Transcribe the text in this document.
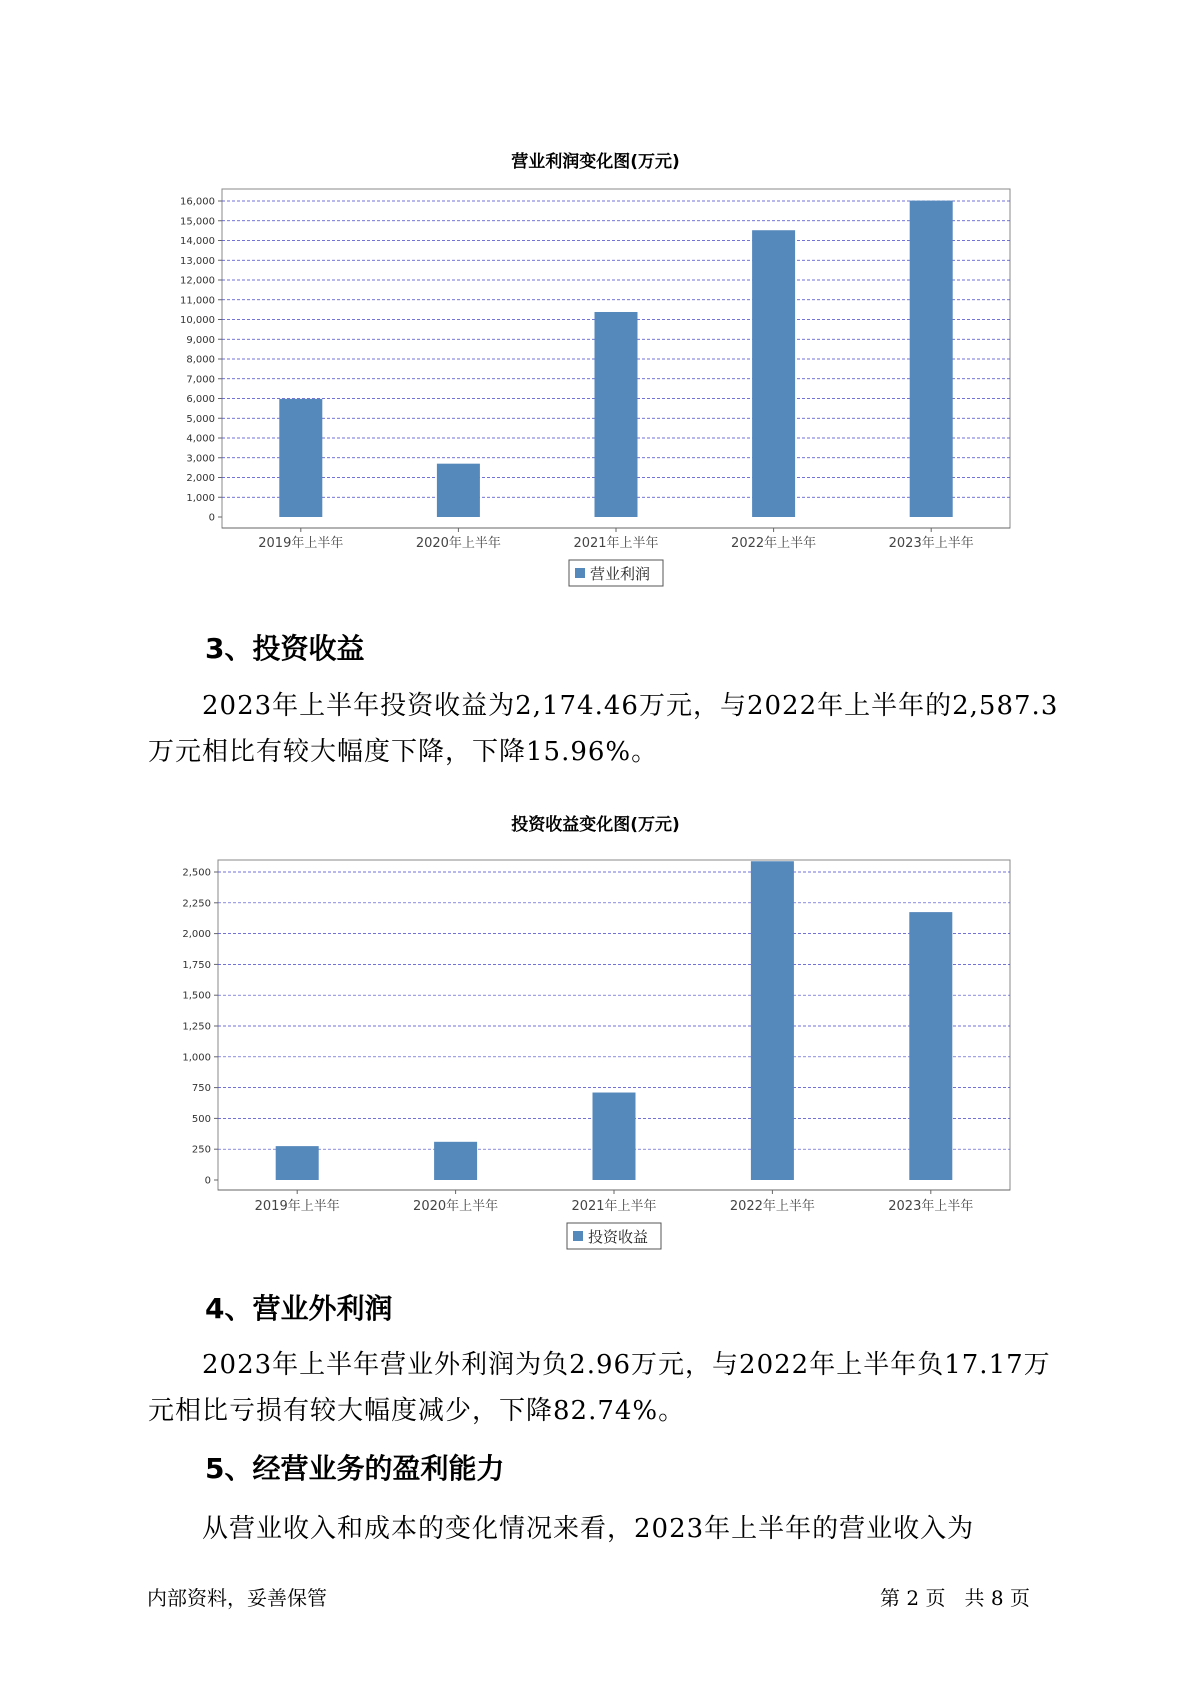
营业利润变化图(万元)
0
1,000
2,000
3,000
4,000
5,000
6,000
7,000
8,000
9,000
10,000
11,000
12,000
13,000
14,000
15,000
16,000
2019年上半年	2020年上半年	2021年上半年	2022年上半年	2023年上半年
营业利润
3、投资收益

2023年上半年投资收益为2,174.46万元，与2022年上半年的2,587.3万元相比有较大幅度下降，下降15.96%。

投资收益变化图(万元)
0
250
500
750
1,000
1,250
1,500
1,750
2,000
2,250
2,500
2019年上半年	2020年上半年	2021年上半年	2022年上半年	2023年上半年
投资收益
4、营业外利润

2023年上半年营业外利润为负2.96万元，与2022年上半年负17.17万元相比亏损有较大幅度减少，下降82.74%。

5、经营业务的盈利能力

从营业收入和成本的变化情况来看，2023年上半年的营业收入为

内部资料，妥善保管	第 2 页   共 8 页
